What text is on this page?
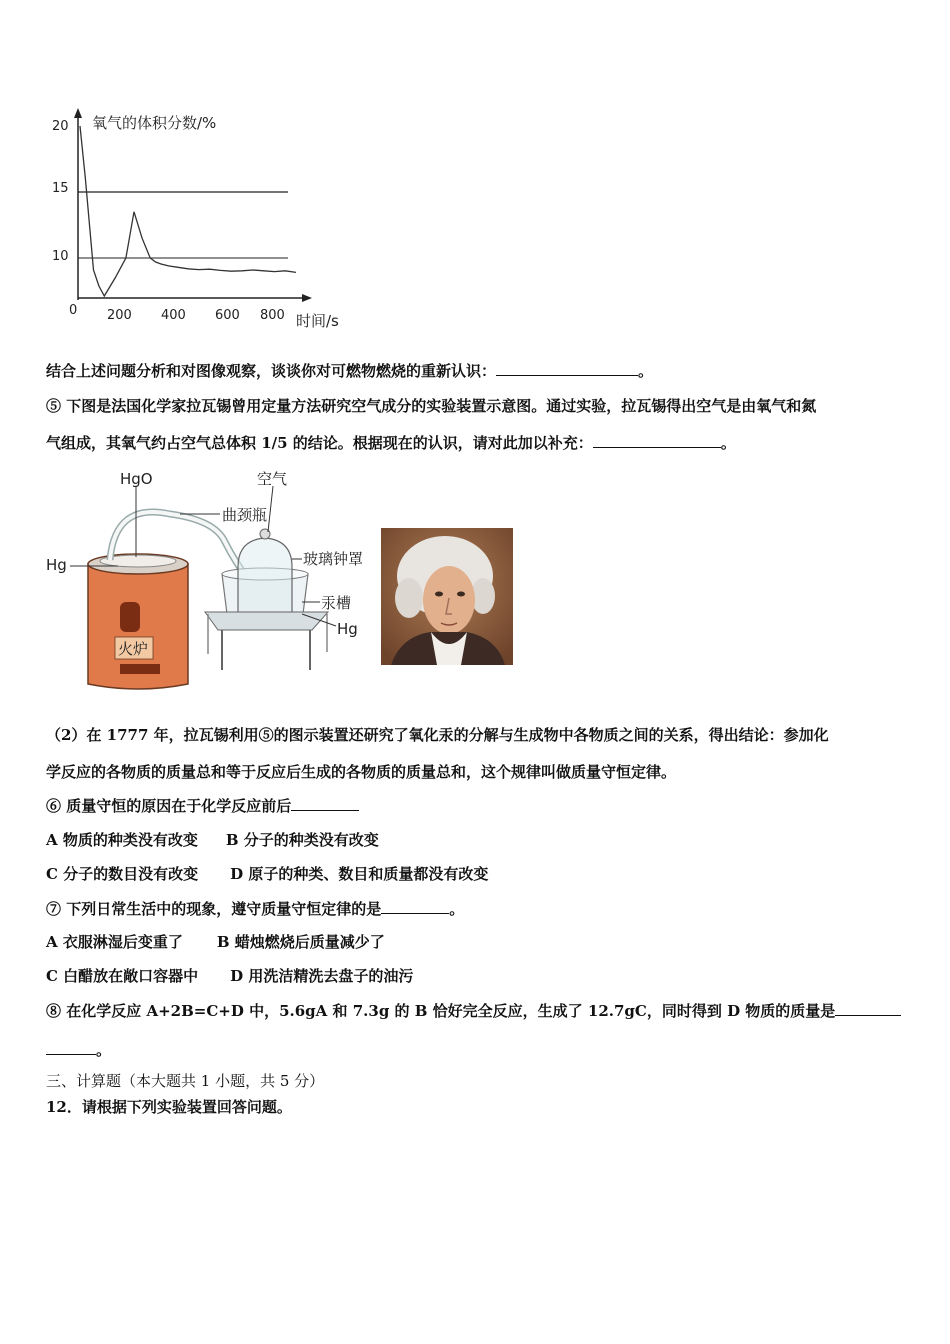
20
15
10
0 200 400 600 800
氧气的体积分数/%
时间/s
结合上述问题分析和对图像观察，谈谈你对可燃物燃烧的重新认识：	。
⑤ 下图是法国化学家拉瓦锡曾用定量方法研究空气成分的实验装置示意图。通过实验，拉瓦锡得出空气是由氧气和氮
气组成，其氧气约占空气总体积 1/5 的结论。根据现在的认识，请对此加以补充：	。
火炉
HgO	空气
曲颈瓶
Hg	玻璃钟罩
汞槽
Hg
（2）在 1777 年，拉瓦锡利用⑤的图示装置还研究了氧化汞的分解与生成物中各物质之间的关系，得出结论：参加化
学反应的各物质的质量总和等于反应后生成的各物质的质量总和，这个规律叫做质量守恒定律。
⑥ 质量守恒的原因在于化学反应前后
A 物质的种类没有改变 B 分子的种类没有改变
C 分子的数目没有改变 D 原子的种类、数目和质量都没有改变
⑦ 下列日常生活中的现象，遵守质量守恒定律的是	。
A 衣服淋湿后变重了 B 蜡烛燃烧后质量减少了
C 白醋放在敞口容器中 D 用洗洁精洗去盘子的油污
⑧ 在化学反应 A+2B=C+D 中，5.6gA 和 7.3g 的 B 恰好完全反应，生成了 12.7gC，同时得到 D 物质的质量是
。
三、计算题（本大题共 1 小题，共 5 分）
12．请根据下列实验装置回答问题。
